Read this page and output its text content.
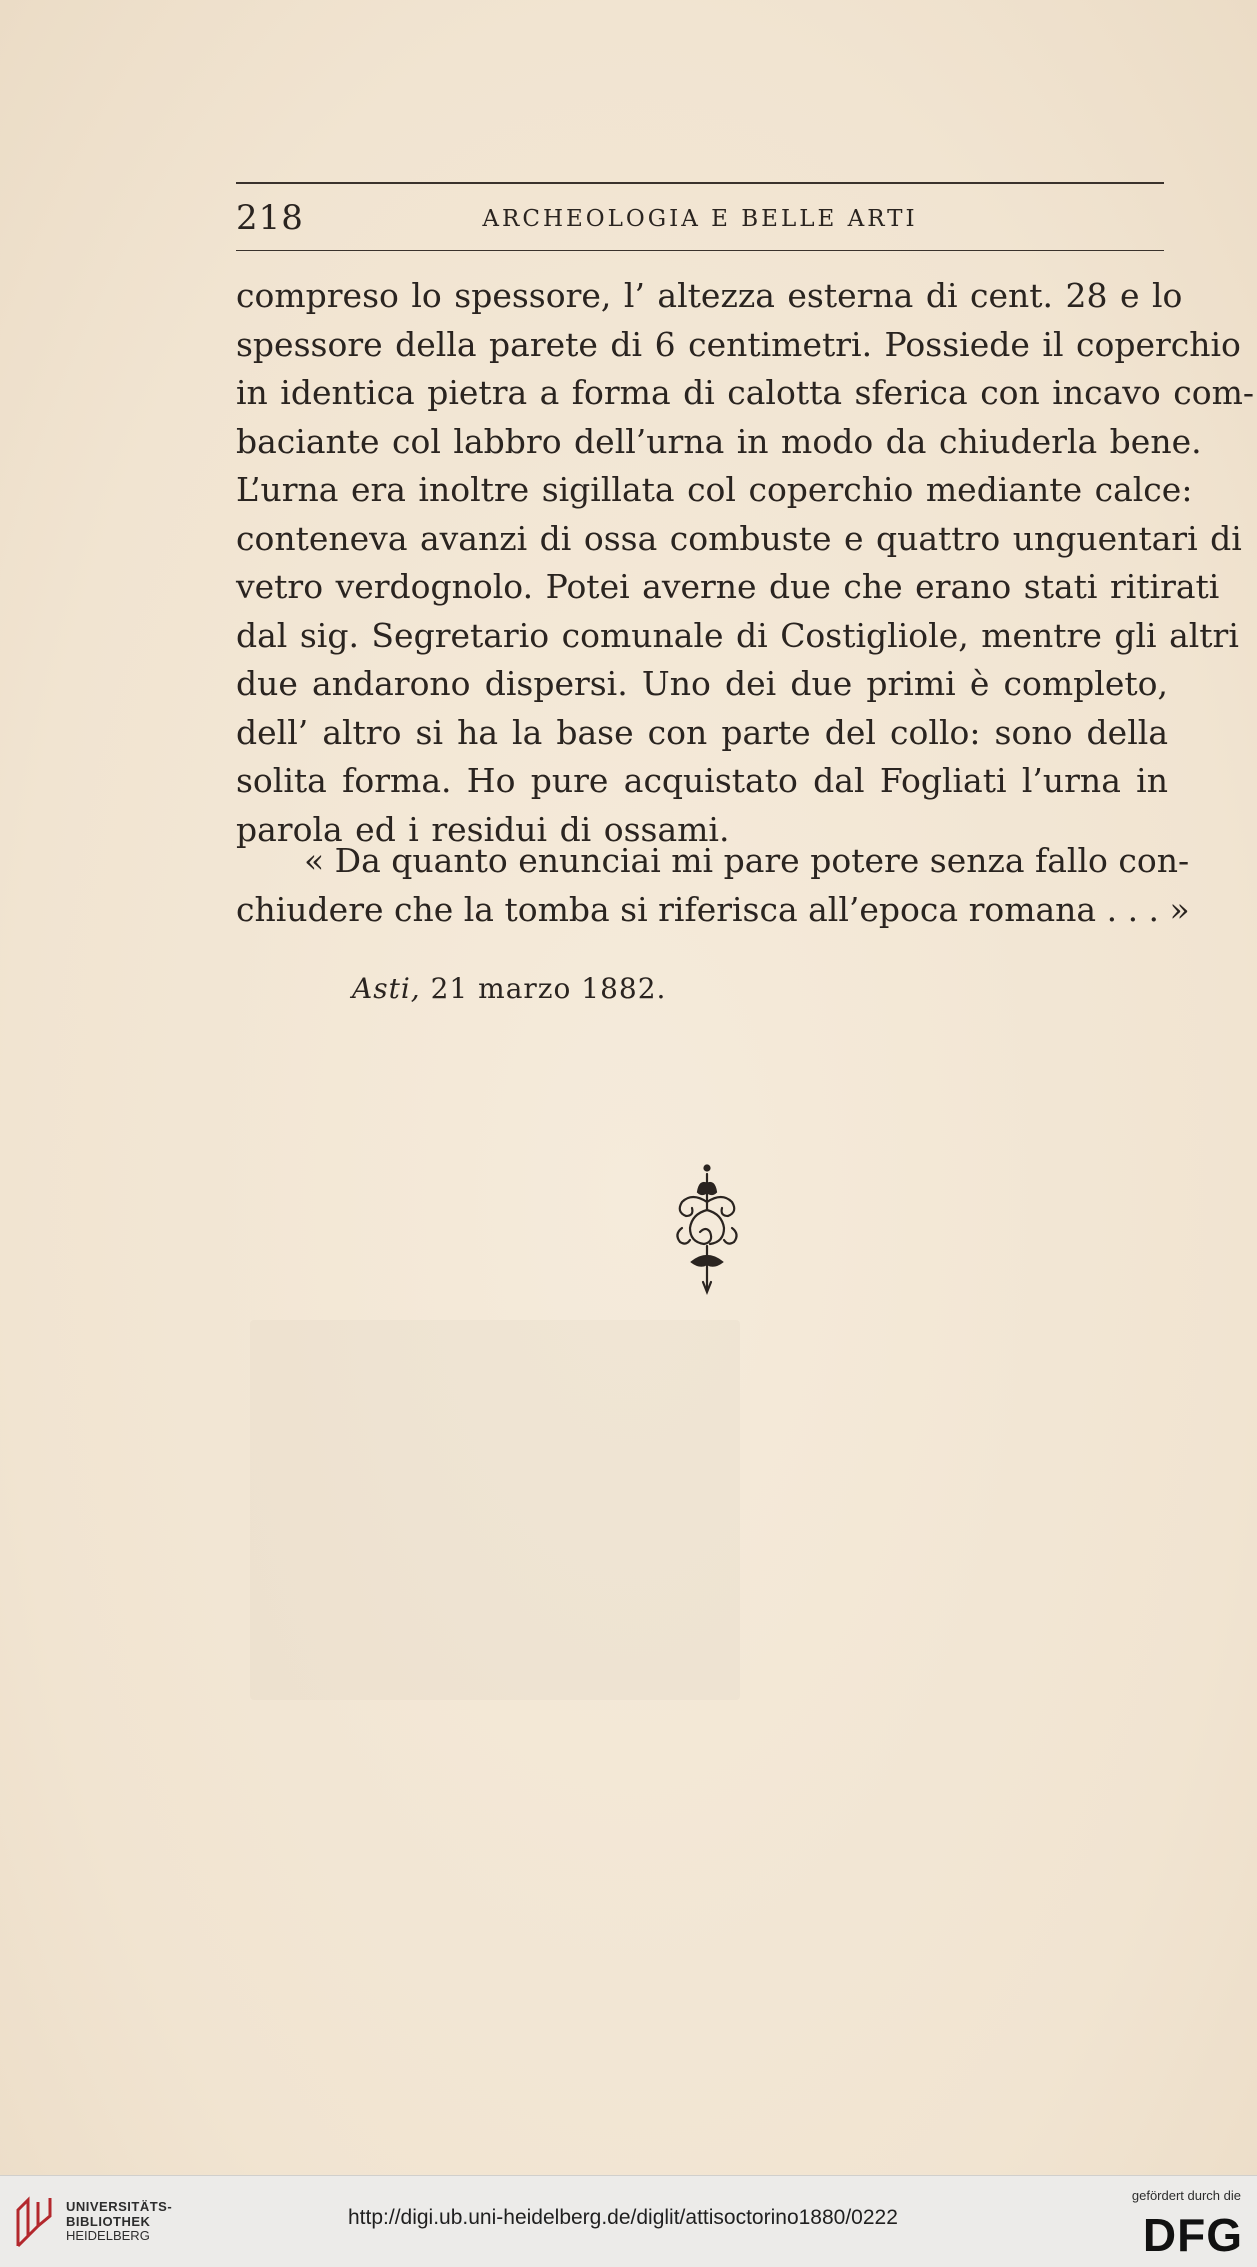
218	ARCHEOLOGIA E BELLE ARTI
compreso lo spessore, l’ altezza esterna di cent. 28 e lo
spessore della parete di 6 centimetri. Possiede il coperchio
in identica pietra a forma di calotta sferica con incavo com-
baciante col labbro dell’urna in modo da chiuderla bene.
L’urna era inoltre sigillata col coperchio mediante calce:
conteneva avanzi di ossa combuste e quattro unguentari di
vetro verdognolo. Potei averne due che erano stati ritirati
dal sig. Segretario comunale di Costigliole, mentre gli altri
due andarono dispersi. Uno dei due primi è completo,
dell’ altro si ha la base con parte del collo: sono della
solita forma. Ho pure acquistato dal Fogliati l’urna in
parola ed i residui di ossami.
« Da quanto enunciai mi pare potere senza fallo con-
chiudere che la tomba si riferisca all’epoca romana . . . »
Asti, 21 marzo 1882.
UNIVERSITÄTS-
BIBLIOTHEK
HEIDELBERG
http://digi.ub.uni-heidelberg.de/diglit/attisoctorino1880/0222
gefördert durch die
DFG
